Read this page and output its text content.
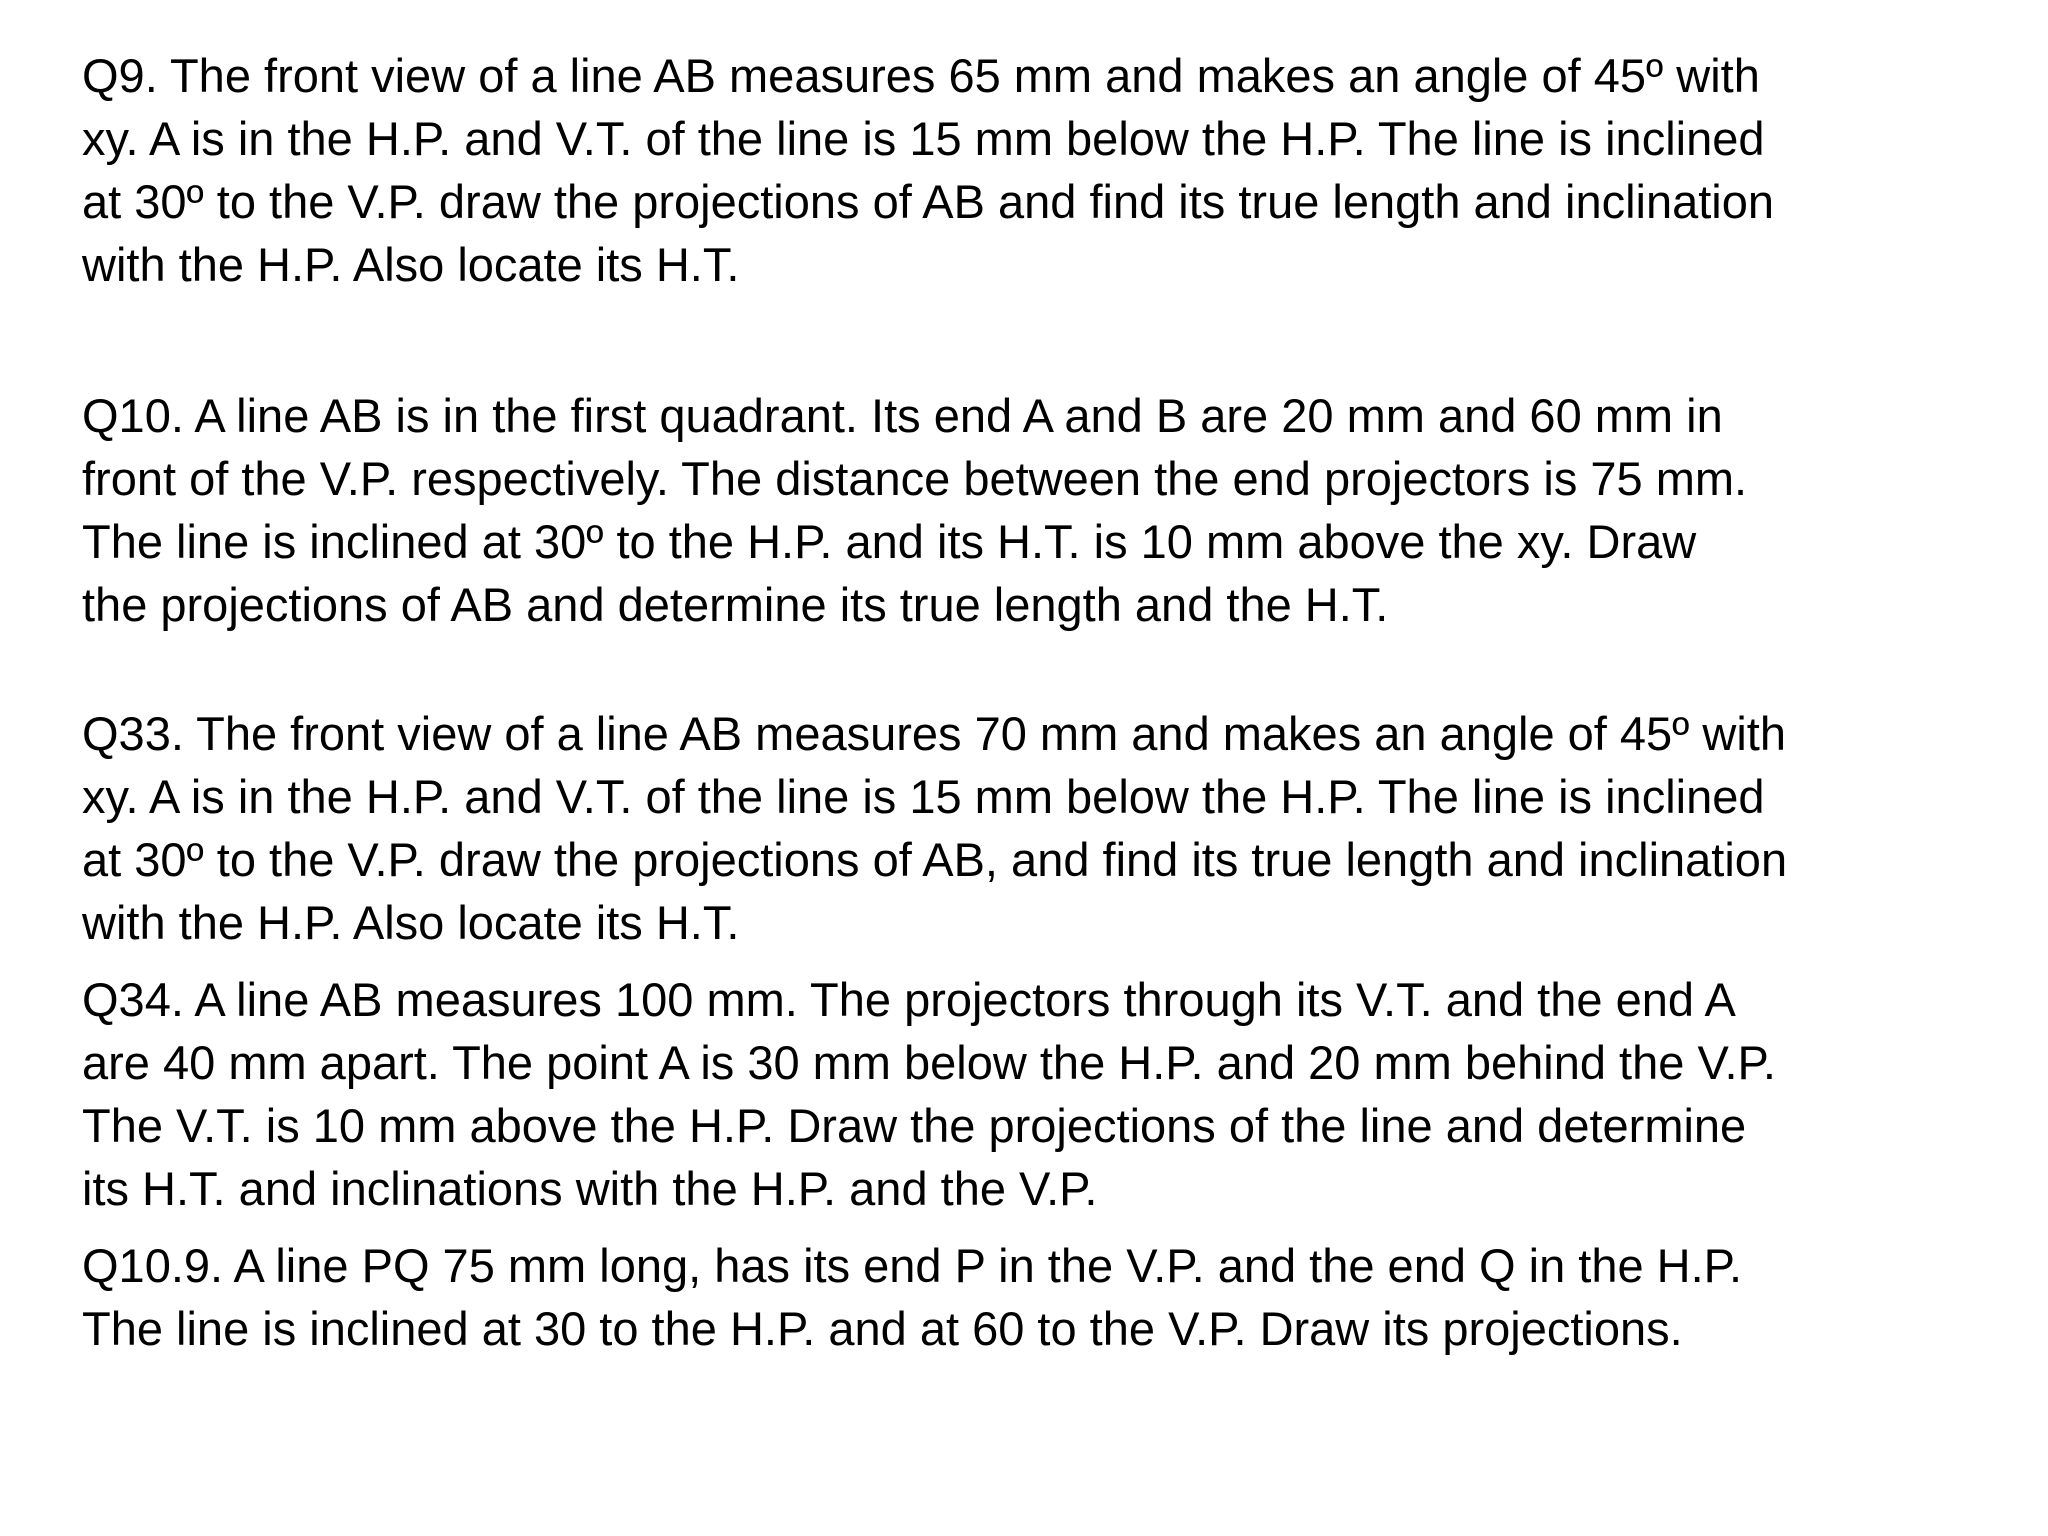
Q9. The front view of a line AB measures 65 mm and makes an angle of 45º with
xy. A is in the H.P. and V.T. of the line is 15 mm below the H.P. The line is inclined
at 30º to the V.P. draw the projections of AB and find its true length and inclination
with the H.P. Also locate its H.T.

Q10. A line AB is in the first quadrant. Its end A and B are 20 mm and 60 mm in
front of the V.P. respectively. The distance between the end projectors is 75 mm.
The line is inclined at 30º to the H.P. and its H.T. is 10 mm above the xy. Draw
the projections of AB and determine its true length and the H.T.

Q33. The front view of a line AB measures 70 mm and makes an angle of 45º with
xy. A is in the H.P. and V.T. of the line is 15 mm below the H.P. The line is inclined
at 30º to the V.P. draw the projections of AB, and find its true length and inclination
with the H.P. Also locate its H.T.

Q34. A line AB measures 100 mm. The projectors through its V.T. and the end A
are 40 mm apart. The point A is 30 mm below the H.P. and 20 mm behind the V.P.
The V.T. is 10 mm above the H.P. Draw the projections of the line and determine
its H.T. and inclinations with the H.P. and the V.P.

Q10.9. A line PQ 75 mm long, has its end P in the V.P. and the end Q in the H.P.
The line is inclined at 30 to the H.P. and at 60 to the V.P. Draw its projections.
